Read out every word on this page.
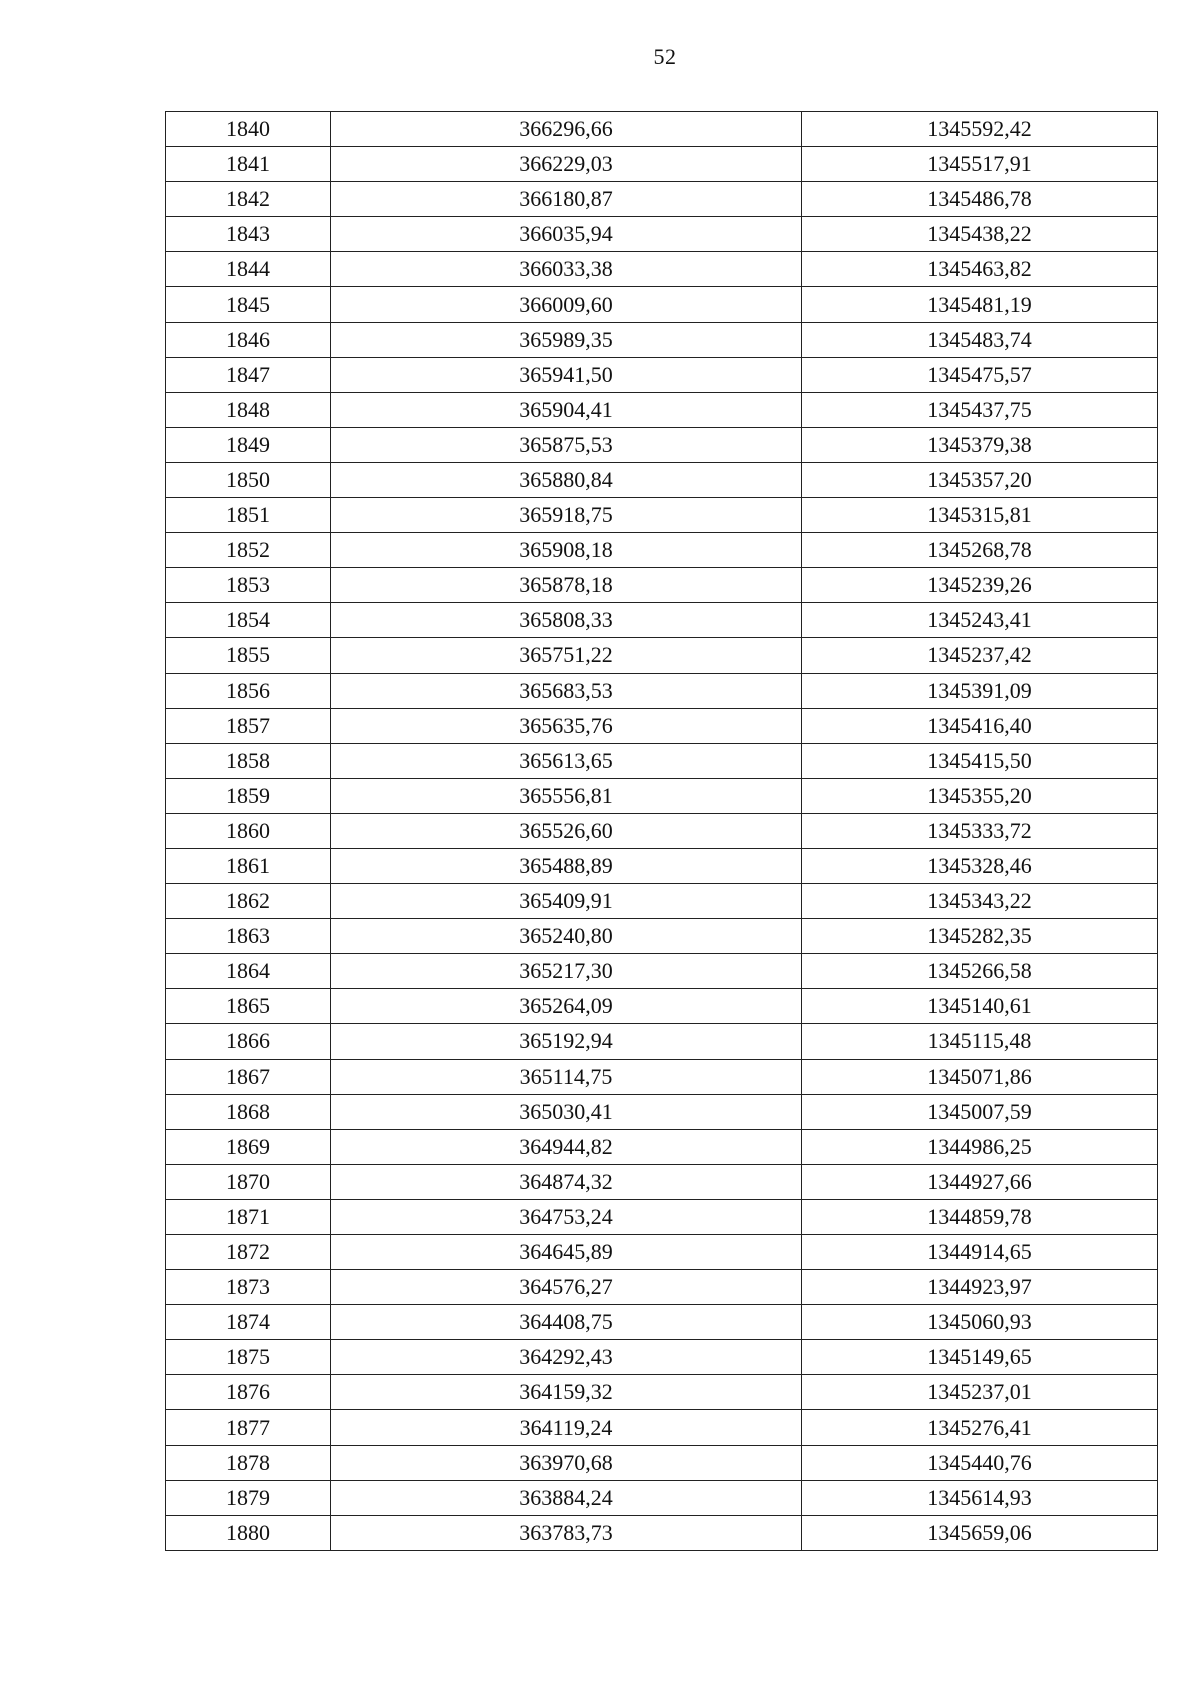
52
1840	366296,66	1345592,42
1841	366229,03	1345517,91
1842	366180,87	1345486,78
1843	366035,94	1345438,22
1844	366033,38	1345463,82
1845	366009,60	1345481,19
1846	365989,35	1345483,74
1847	365941,50	1345475,57
1848	365904,41	1345437,75
1849	365875,53	1345379,38
1850	365880,84	1345357,20
1851	365918,75	1345315,81
1852	365908,18	1345268,78
1853	365878,18	1345239,26
1854	365808,33	1345243,41
1855	365751,22	1345237,42
1856	365683,53	1345391,09
1857	365635,76	1345416,40
1858	365613,65	1345415,50
1859	365556,81	1345355,20
1860	365526,60	1345333,72
1861	365488,89	1345328,46
1862	365409,91	1345343,22
1863	365240,80	1345282,35
1864	365217,30	1345266,58
1865	365264,09	1345140,61
1866	365192,94	1345115,48
1867	365114,75	1345071,86
1868	365030,41	1345007,59
1869	364944,82	1344986,25
1870	364874,32	1344927,66
1871	364753,24	1344859,78
1872	364645,89	1344914,65
1873	364576,27	1344923,97
1874	364408,75	1345060,93
1875	364292,43	1345149,65
1876	364159,32	1345237,01
1877	364119,24	1345276,41
1878	363970,68	1345440,76
1879	363884,24	1345614,93
1880	363783,73	1345659,06
